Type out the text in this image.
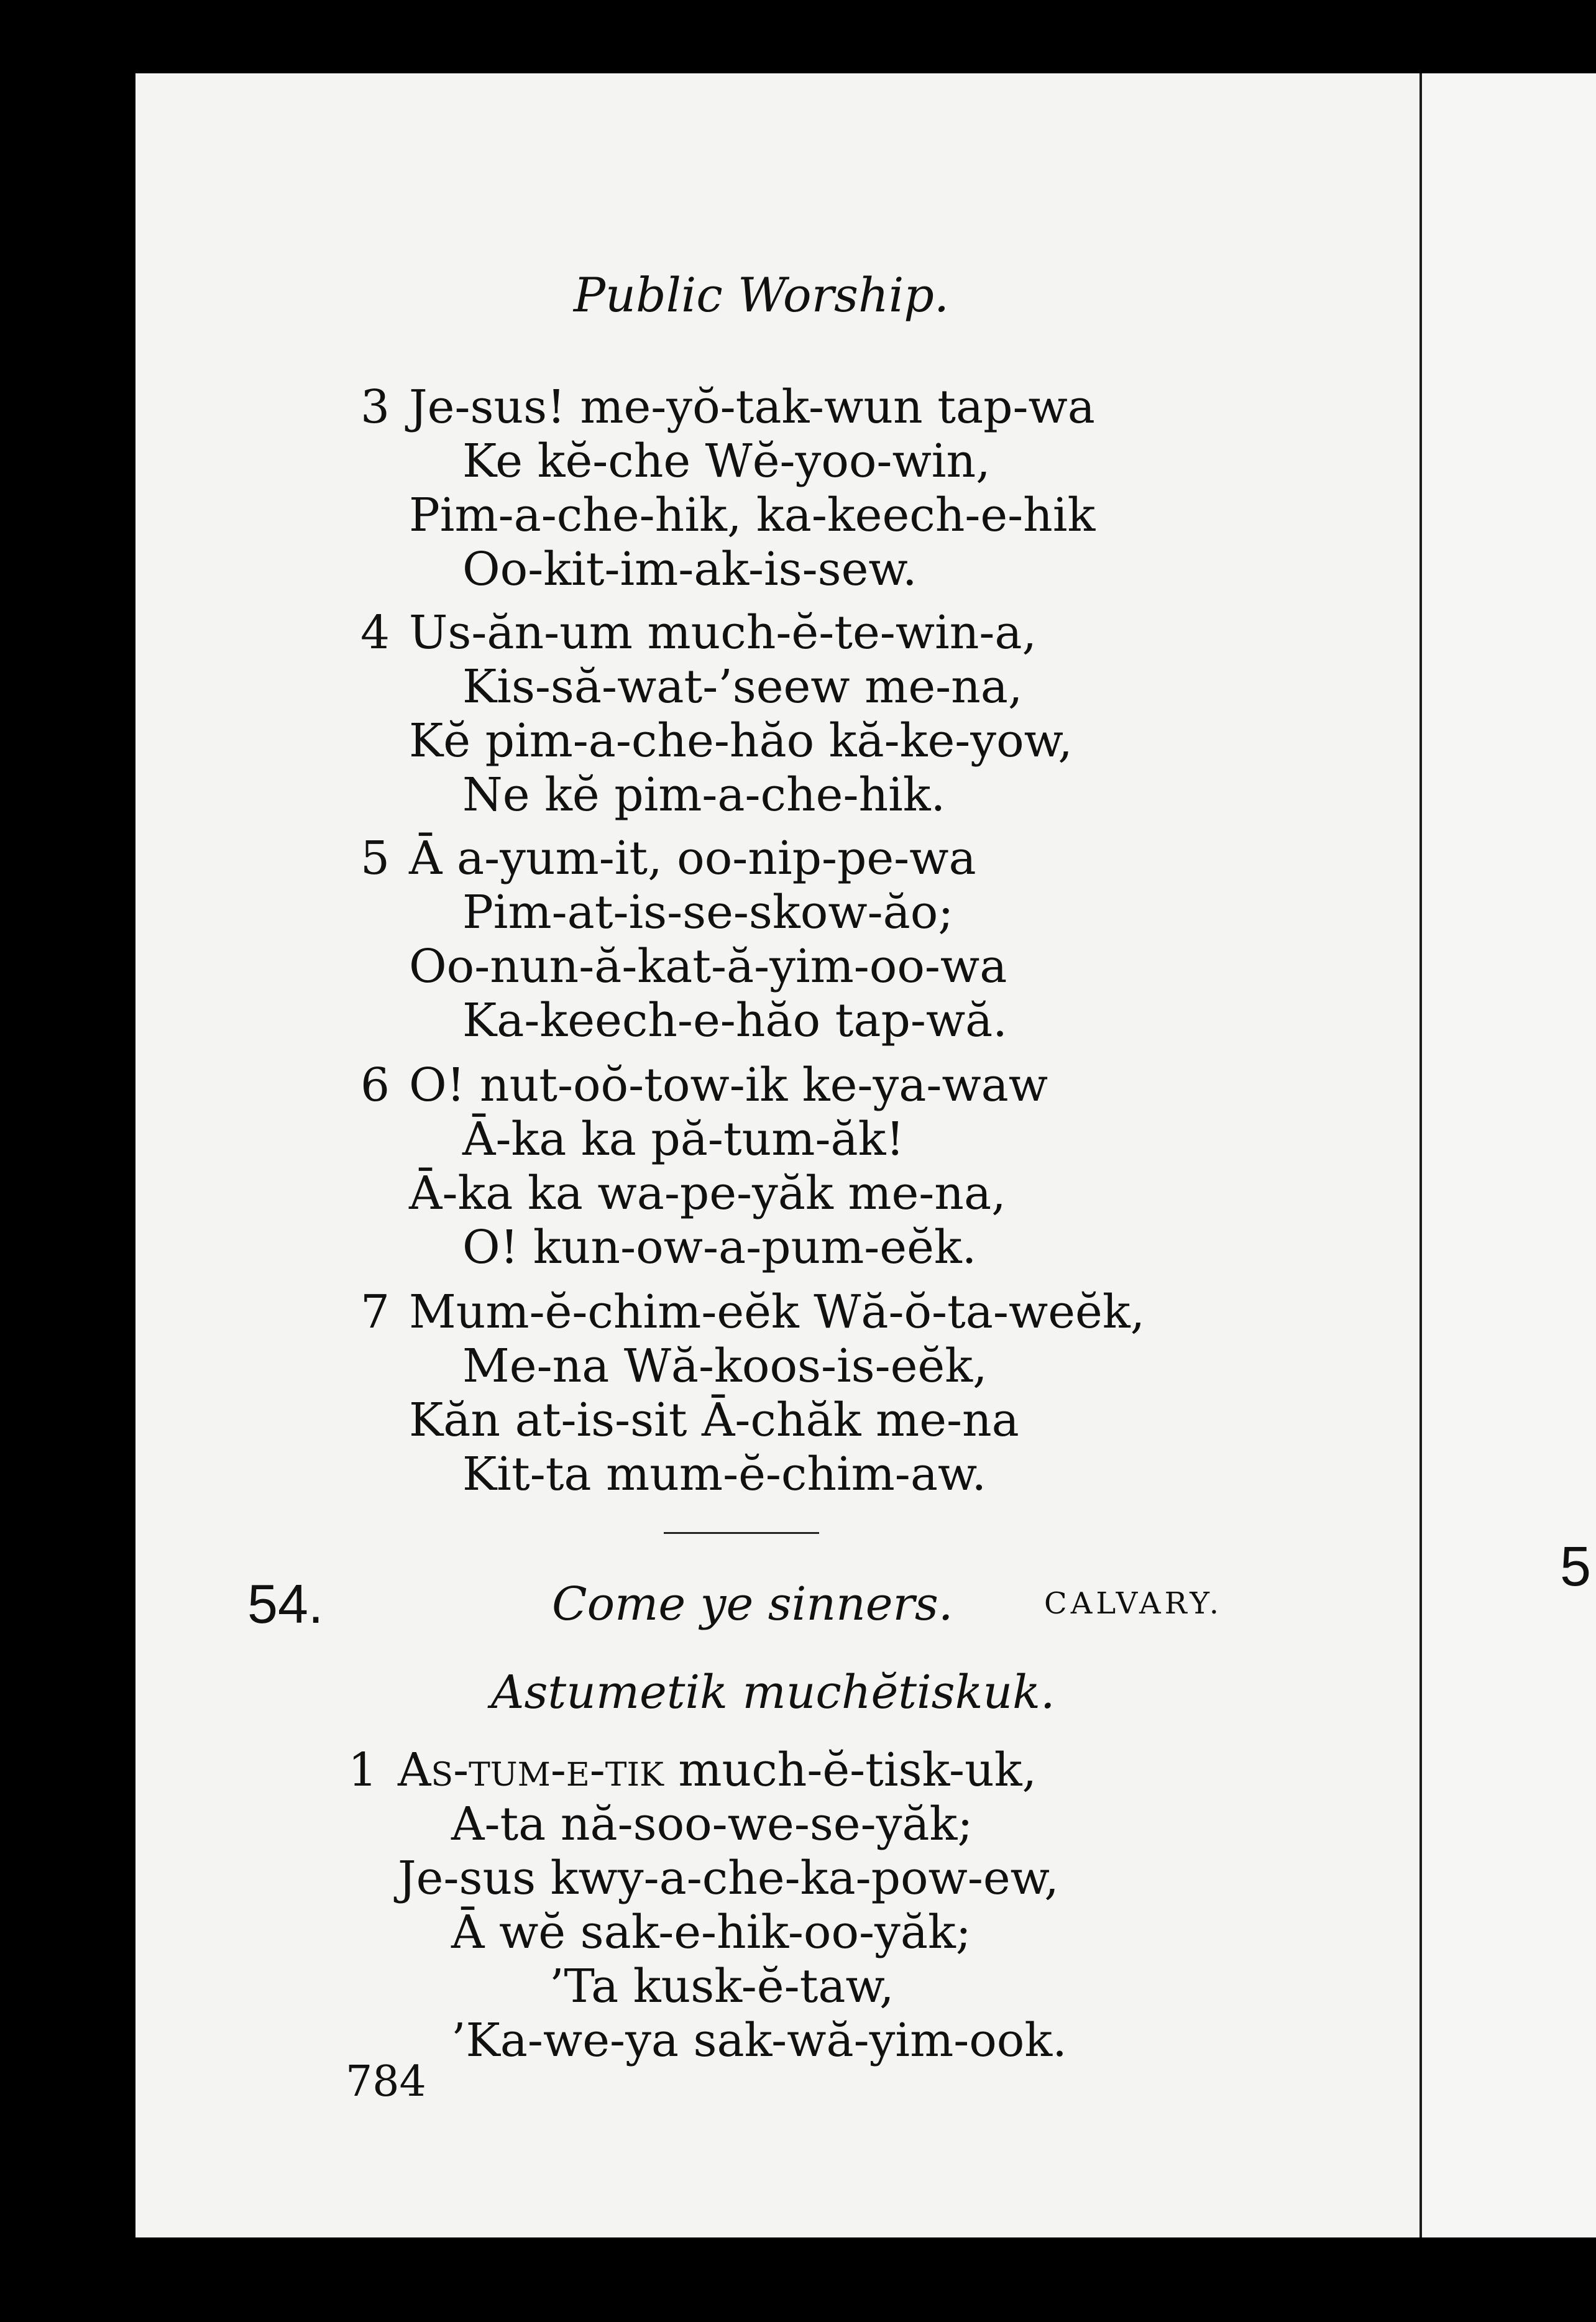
Public Worship.
3 Je-sus! me-yŏ-tak-wun tap-wa
Ke kĕ-che Wĕ-yoo-win,
Pim-a-che-hik, ka-keech-e-hik
Oo-kit-im-ak-is-sew.
4 Us-ăn-um much-ĕ-te-win-a,
Kis-să-wat-’seew me-na,
Kĕ pim-a-che-hăo kă-ke-yow,
Ne kĕ pim-a-che-hik.
5 Ā a-yum-it, oo-nip-pe-wa
Pim-at-is-se-skow-ăo;
Oo-nun-ă-kat-ă-yim-oo-wa
Ka-keech-e-hăo tap-wă.
6 O! nut-oŏ-tow-ik ke-ya-waw
Ā-ka ka pă-tum-ăk!
Ā-ka ka wa-pe-yăk me-na,
O! kun-ow-a-pum-eĕk.
7 Mum-ĕ-chim-eĕk Wă-ŏ-ta-weĕk,
Me-na Wă-koos-is-eĕk,
Kăn at-is-sit Ā-chăk me-na
Kit-ta mum-ĕ-chim-aw.
54.	Come ye sinners.	CALVARY.
Astumetik muchĕtiskuk.
1 As-tum-e-tik much-ĕ-tisk-uk,
A-ta nă-soo-we-se-yăk;
Je-sus kwy-a-che-ka-pow-ew,
Ā wĕ sak-e-hik-oo-yăk;
’Ta kusk-ĕ-taw,
’Ka-we-ya sak-wă-yim-ook.
784
5
